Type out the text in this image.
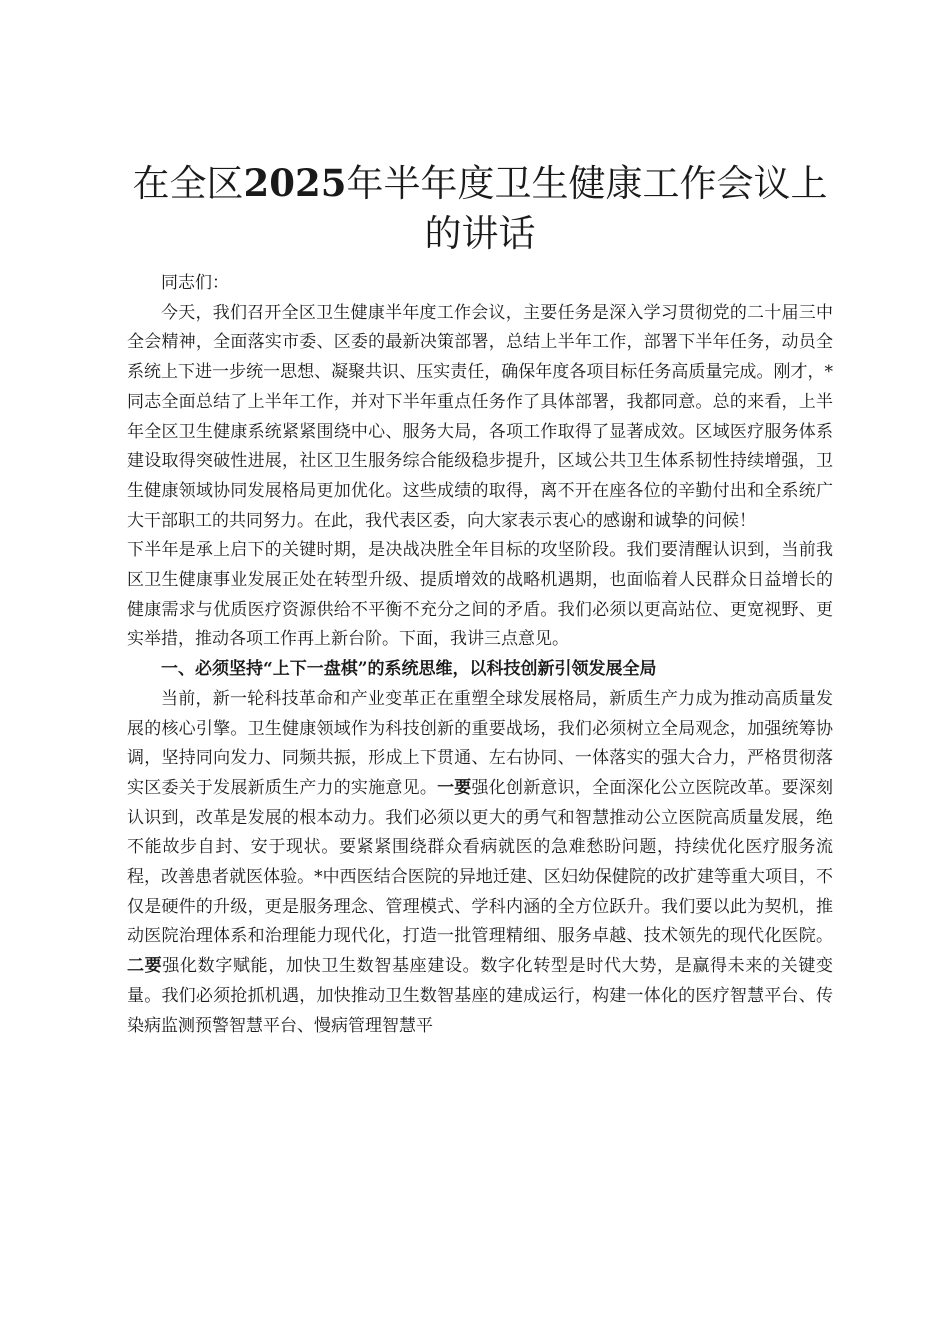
在全区2025年半年度卫生健康工作会议上的讲话

同志们：

今天，我们召开全区卫生健康半年度工作会议，主要任务是深入学习贯彻党的二十届三中全会精神，全面落实市委、区委的最新决策部署，总结上半年工作，部署下半年任务，动员全系统上下进一步统一思想、凝聚共识、压实责任，确保年度各项目标任务高质量完成。刚才，*同志全面总结了上半年工作，并对下半年重点任务作了具体部署，我都同意。总的来看，上半年全区卫生健康系统紧紧围绕中心、服务大局，各项工作取得了显著成效。区域医疗服务体系建设取得突破性进展，社区卫生服务综合能级稳步提升，区域公共卫生体系韧性持续增强，卫生健康领域协同发展格局更加优化。这些成绩的取得，离不开在座各位的辛勤付出和全系统广大干部职工的共同努力。在此，我代表区委，向大家表示衷心的感谢和诚挚的问候！

下半年是承上启下的关键时期，是决战决胜全年目标的攻坚阶段。我们要清醒认识到，当前我区卫生健康事业发展正处在转型升级、提质增效的战略机遇期，也面临着人民群众日益增长的健康需求与优质医疗资源供给不平衡不充分之间的矛盾。我们必须以更高站位、更宽视野、更实举措，推动各项工作再上新台阶。下面，我讲三点意见。

一、必须坚持“上下一盘棋”的系统思维，以科技创新引领发展全局

当前，新一轮科技革命和产业变革正在重塑全球发展格局，新质生产力成为推动高质量发展的核心引擎。卫生健康领域作为科技创新的重要战场，我们必须树立全局观念，加强统筹协调，坚持同向发力、同频共振，形成上下贯通、左右协同、一体落实的强大合力，严格贯彻落实区委关于发展新质生产力的实施意见。一要强化创新意识，全面深化公立医院改革。要深刻认识到，改革是发展的根本动力。我们必须以更大的勇气和智慧推动公立医院高质量发展，绝不能故步自封、安于现状。要紧紧围绕群众看病就医的急难愁盼问题，持续优化医疗服务流程，改善患者就医体验。*中西医结合医院的异地迁建、区妇幼保健院的改扩建等重大项目，不仅是硬件的升级，更是服务理念、管理模式、学科内涵的全方位跃升。我们要以此为契机，推动医院治理体系和治理能力现代化，打造一批管理精细、服务卓越、技术领先的现代化医院。二要强化数字赋能，加快卫生数智基座建设。数字化转型是时代大势，是赢得未来的关键变量。我们必须抢抓机遇，加快推动卫生数智基座的建成运行，构建一体化的医疗智慧平台、传染病监测预警智慧平台、慢病管理智慧平
